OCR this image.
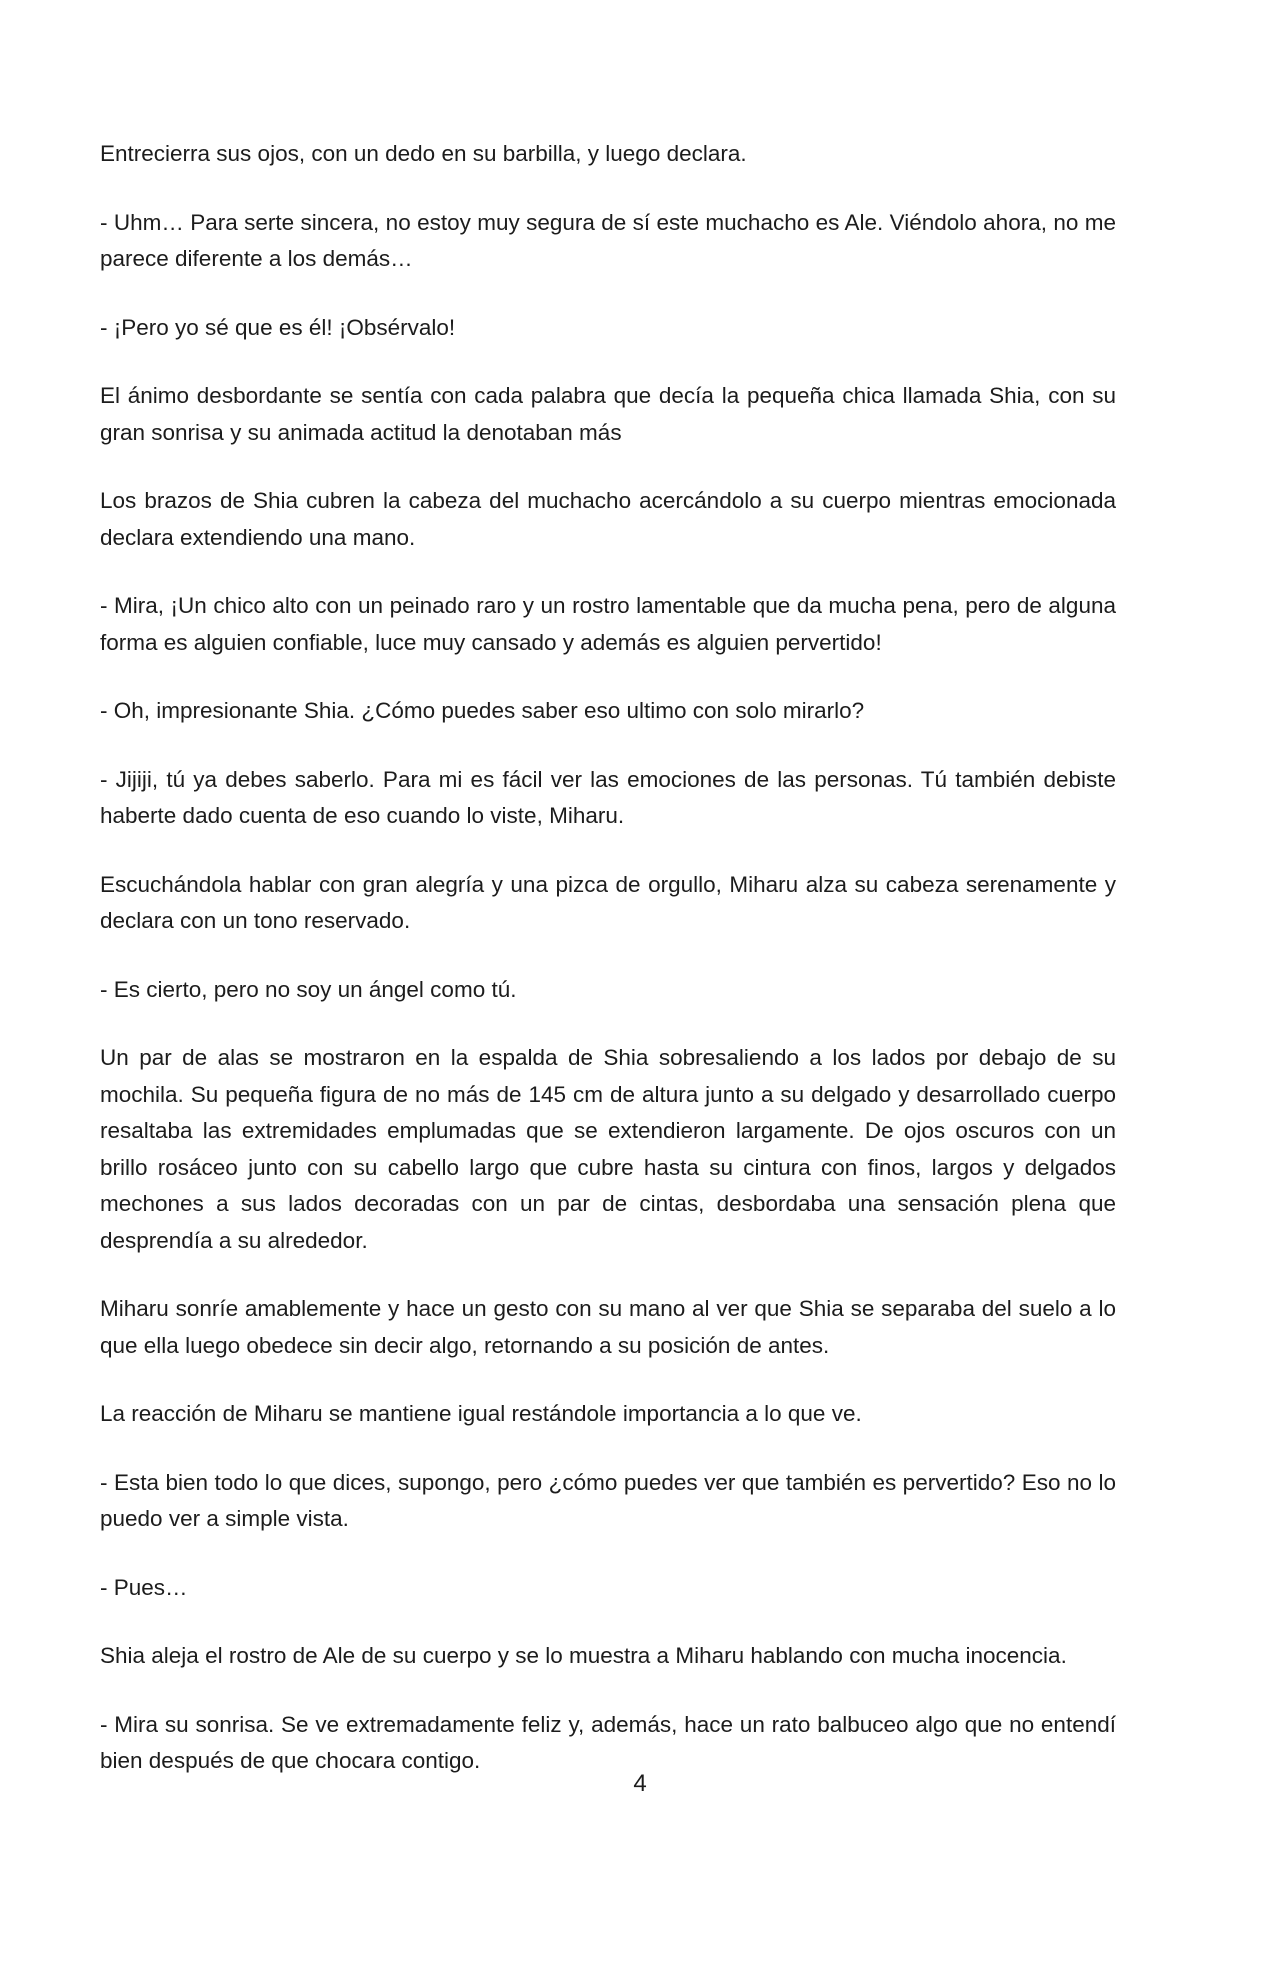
Entrecierra sus ojos, con un dedo en su barbilla, y luego declara.

- Uhm… Para serte sincera, no estoy muy segura de sí este muchacho es Ale. Viéndolo ahora, no me parece diferente a los demás…

- ¡Pero yo sé que es él! ¡Obsérvalo!

El ánimo desbordante se sentía con cada palabra que decía la pequeña chica llamada Shia, con su gran sonrisa y su animada actitud la denotaban más

Los brazos de Shia cubren la cabeza del muchacho acercándolo a su cuerpo mientras emocionada declara extendiendo una mano.

- Mira, ¡Un chico alto con un peinado raro y un rostro lamentable que da mucha pena, pero de alguna forma es alguien confiable, luce muy cansado y además es alguien pervertido!

- Oh, impresionante Shia. ¿Cómo puedes saber eso ultimo con solo mirarlo?

- Jijiji, tú ya debes saberlo. Para mi es fácil ver las emociones de las personas. Tú también debiste haberte dado cuenta de eso cuando lo viste, Miharu.

Escuchándola hablar con gran alegría y una pizca de orgullo, Miharu alza su cabeza serenamente y declara con un tono reservado.

- Es cierto, pero no soy un ángel como tú.

Un par de alas se mostraron en la espalda de Shia sobresaliendo a los lados por debajo de su mochila. Su pequeña figura de no más de 145 cm de altura junto a su delgado y desarrollado cuerpo resaltaba las extremidades emplumadas que se extendieron largamente. De ojos oscuros con un brillo rosáceo junto con su cabello largo que cubre hasta su cintura con finos, largos y delgados mechones a sus lados decoradas con un par de cintas, desbordaba una sensación plena que desprendía a su alrededor.

Miharu sonríe amablemente y hace un gesto con su mano al ver que Shia se separaba del suelo a lo que ella luego obedece sin decir algo, retornando a su posición de antes.

La reacción de Miharu se mantiene igual restándole importancia a lo que ve.

- Esta bien todo lo que dices, supongo, pero ¿cómo puedes ver que también es pervertido? Eso no lo puedo ver a simple vista.

- Pues…

Shia aleja el rostro de Ale de su cuerpo y se lo muestra a Miharu hablando con mucha inocencia.

- Mira su sonrisa. Se ve extremadamente feliz y, además, hace un rato balbuceo algo que no entendí bien después de que chocara contigo.

4
